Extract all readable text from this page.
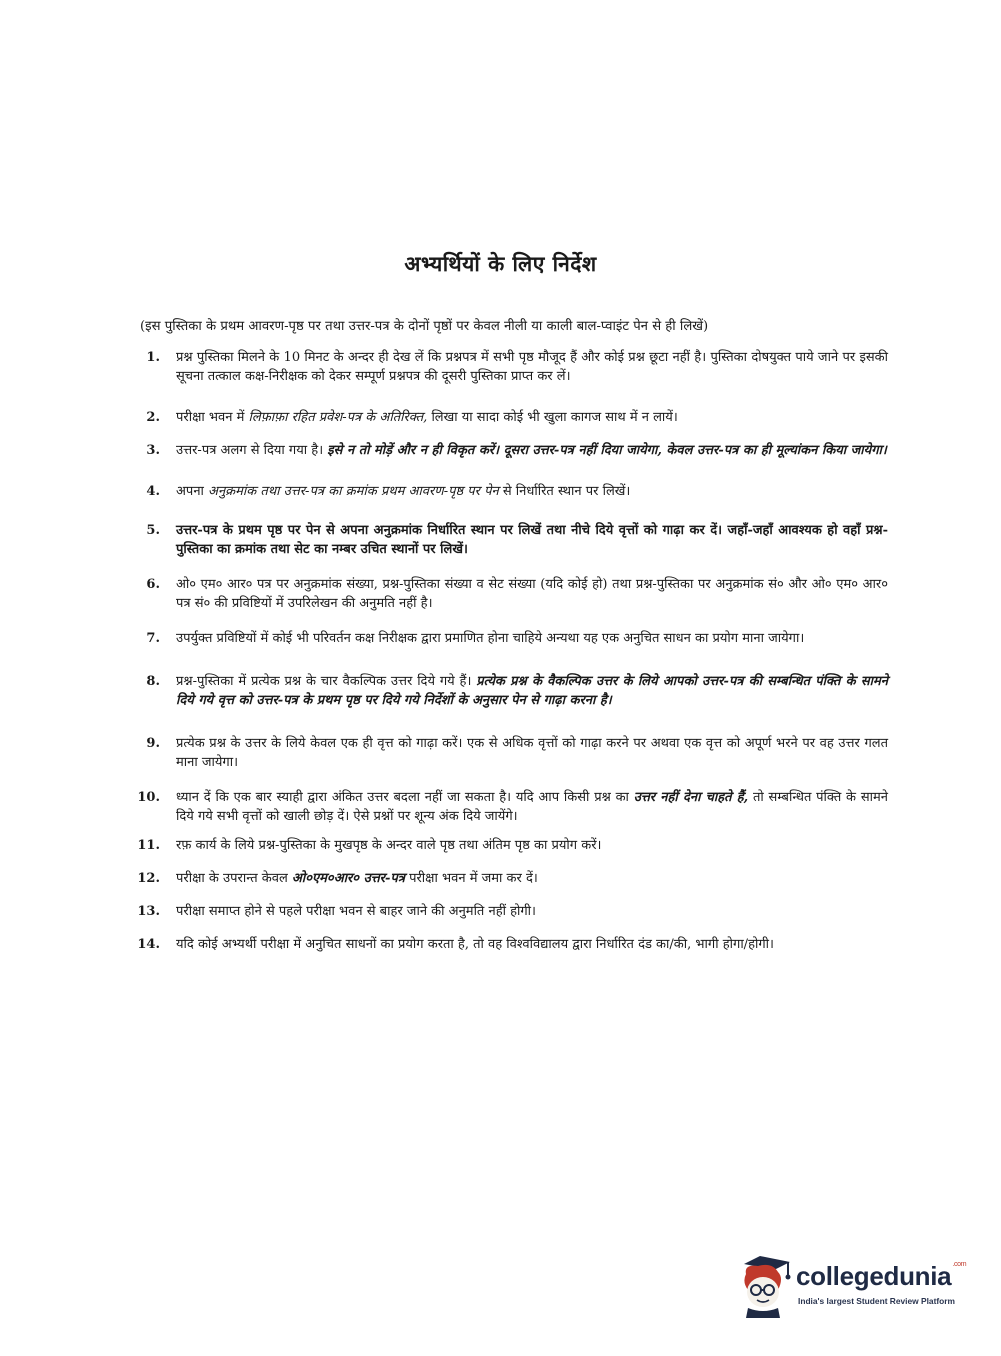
अभ्यर्थियों के लिए निर्देश
(इस पुस्तिका के प्रथम आवरण-पृष्ठ पर तथा उत्तर-पत्र के दोनों पृष्ठों पर केवल नीली या काली बाल-प्वाइंट पेन से ही लिखें)
1.	प्रश्न पुस्तिका मिलने के 10 मिनट के अन्दर ही देख लें कि प्रश्नपत्र में सभी पृष्ठ मौजूद हैं और कोई प्रश्न छूटा नहीं है। पुस्तिका दोषयुक्त पाये जाने पर इसकी सूचना तत्काल कक्ष-निरीक्षक को देकर सम्पूर्ण प्रश्नपत्र की दूसरी पुस्तिका प्राप्त कर लें।
2.	परीक्षा भवन में लिफ़ाफ़ा रहित प्रवेश-पत्र के अतिरिक्त, लिखा या सादा कोई भी खुला कागज साथ में न लायें।
3.	उत्तर-पत्र अलग से दिया गया है। इसे न तो मोड़ें और न ही विकृत करें। दूसरा उत्तर-पत्र नहीं दिया जायेगा, केवल उत्तर-पत्र का ही मूल्यांकन किया जायेगा।
4.	अपना अनुक्रमांक तथा उत्तर-पत्र का क्रमांक प्रथम आवरण-पृष्ठ पर पेन से निर्धारित स्थान पर लिखें।
5.	उत्तर-पत्र के प्रथम पृष्ठ पर पेन से अपना अनुक्रमांक निर्धारित स्थान पर लिखें तथा नीचे दिये वृत्तों को गाढ़ा कर दें। जहाँ-जहाँ आवश्यक हो वहाँ प्रश्न-पुस्तिका का क्रमांक तथा सेट का नम्बर उचित स्थानों पर लिखें।
6.	ओ० एम० आर० पत्र पर अनुक्रमांक संख्या, प्रश्न-पुस्तिका संख्या व सेट संख्या (यदि कोई हो) तथा प्रश्न-पुस्तिका पर अनुक्रमांक सं० और ओ० एम० आर० पत्र सं० की प्रविष्टियों में उपरिलेखन की अनुमति नहीं है।
7.	उपर्युक्त प्रविष्टियों में कोई भी परिवर्तन कक्ष निरीक्षक द्वारा प्रमाणित होना चाहिये अन्यथा यह एक अनुचित साधन का प्रयोग माना जायेगा।
8.	प्रश्न-पुस्तिका में प्रत्येक प्रश्न के चार वैकल्पिक उत्तर दिये गये हैं। प्रत्येक प्रश्न के वैकल्पिक उत्तर के लिये आपको उत्तर-पत्र की सम्बन्धित पंक्ति के सामने दिये गये वृत्त को उत्तर-पत्र के प्रथम पृष्ठ पर दिये गये निर्देशों के अनुसार पेन से गाढ़ा करना है।
9.	प्रत्येक प्रश्न के उत्तर के लिये केवल एक ही वृत्त को गाढ़ा करें। एक से अधिक वृत्तों को गाढ़ा करने पर अथवा एक वृत्त को अपूर्ण भरने पर वह उत्तर गलत माना जायेगा।
10.	ध्यान दें कि एक बार स्याही द्वारा अंकित उत्तर बदला नहीं जा सकता है। यदि आप किसी प्रश्न का उत्तर नहीं देना चाहते हैं, तो सम्बन्धित पंक्ति के सामने दिये गये सभी वृत्तों को खाली छोड़ दें। ऐसे प्रश्नों पर शून्य अंक दिये जायेंगे।
11.	रफ़ कार्य के लिये प्रश्न-पुस्तिका के मुखपृष्ठ के अन्दर वाले पृष्ठ तथा अंतिम पृष्ठ का प्रयोग करें।
12.	परीक्षा के उपरान्त केवल ओ०एम०आर० उत्तर-पत्र परीक्षा भवन में जमा कर दें।
13.	परीक्षा समाप्त होने से पहले परीक्षा भवन से बाहर जाने की अनुमति नहीं होगी।
14.	यदि कोई अभ्यर्थी परीक्षा में अनुचित साधनों का प्रयोग करता है, तो वह विश्वविद्यालय द्वारा निर्धारित दंड का/की, भागी होगा/होगी।
collegedunia$^{.com}$
India's largest Student Review Platform
